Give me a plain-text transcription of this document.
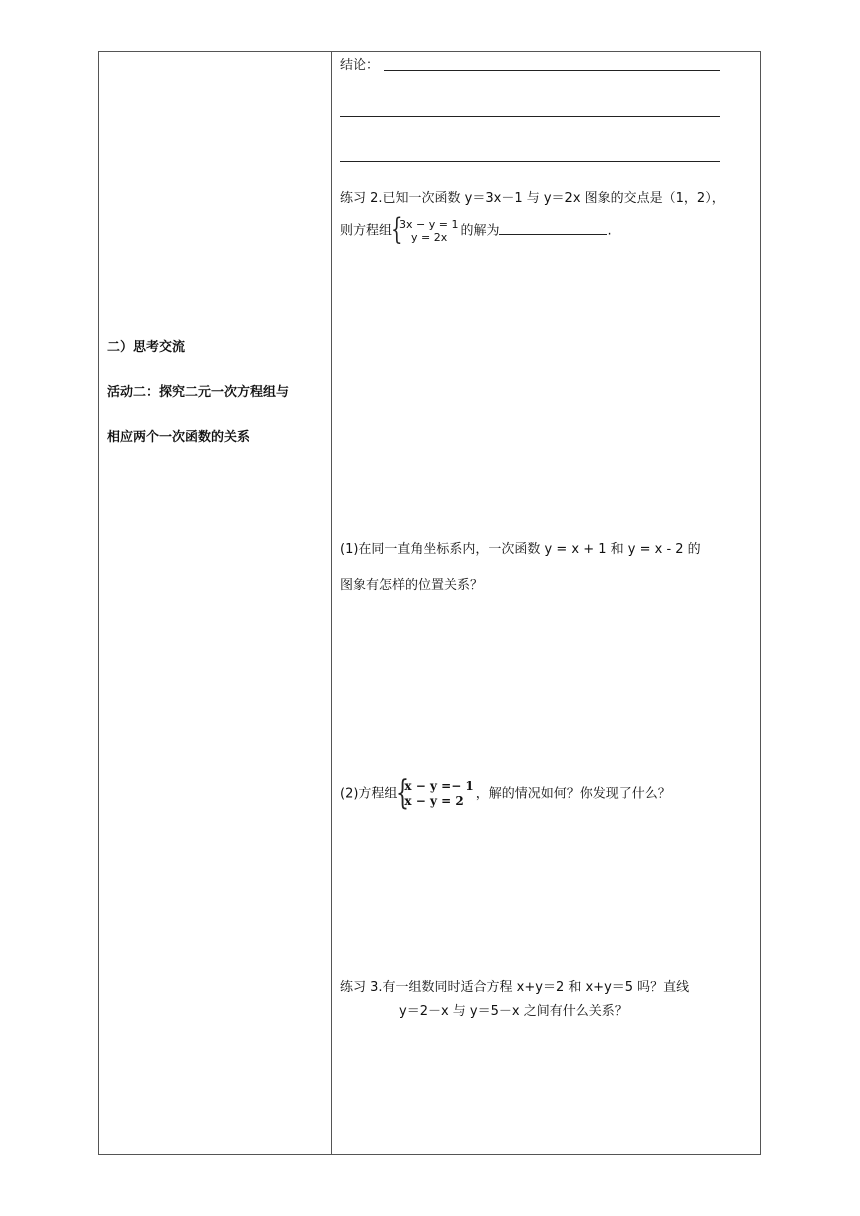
二）思考交流
活动二：探究二元一次方程组与
相应两个一次函数的关系
结论：
练习 2.已知一次函数 y＝3x－1 与 y＝2x 图象的交点是（1，2），
则方程组 {
3x − y = 1
y = 2x	的解为	.
(1)在同一直角坐标系内，一次函数 y = x + 1 和 y = x - 2 的
图象有怎样的位置关系？
(2)方程组 {
x − y =− 1
x − y = 2 ，解的情况如何？你发现了什么？
练习 3.有一组数同时适合方程 x+y＝2 和 x+y＝5 吗？直线
y＝2－x 与 y＝5－x 之间有什么关系？
